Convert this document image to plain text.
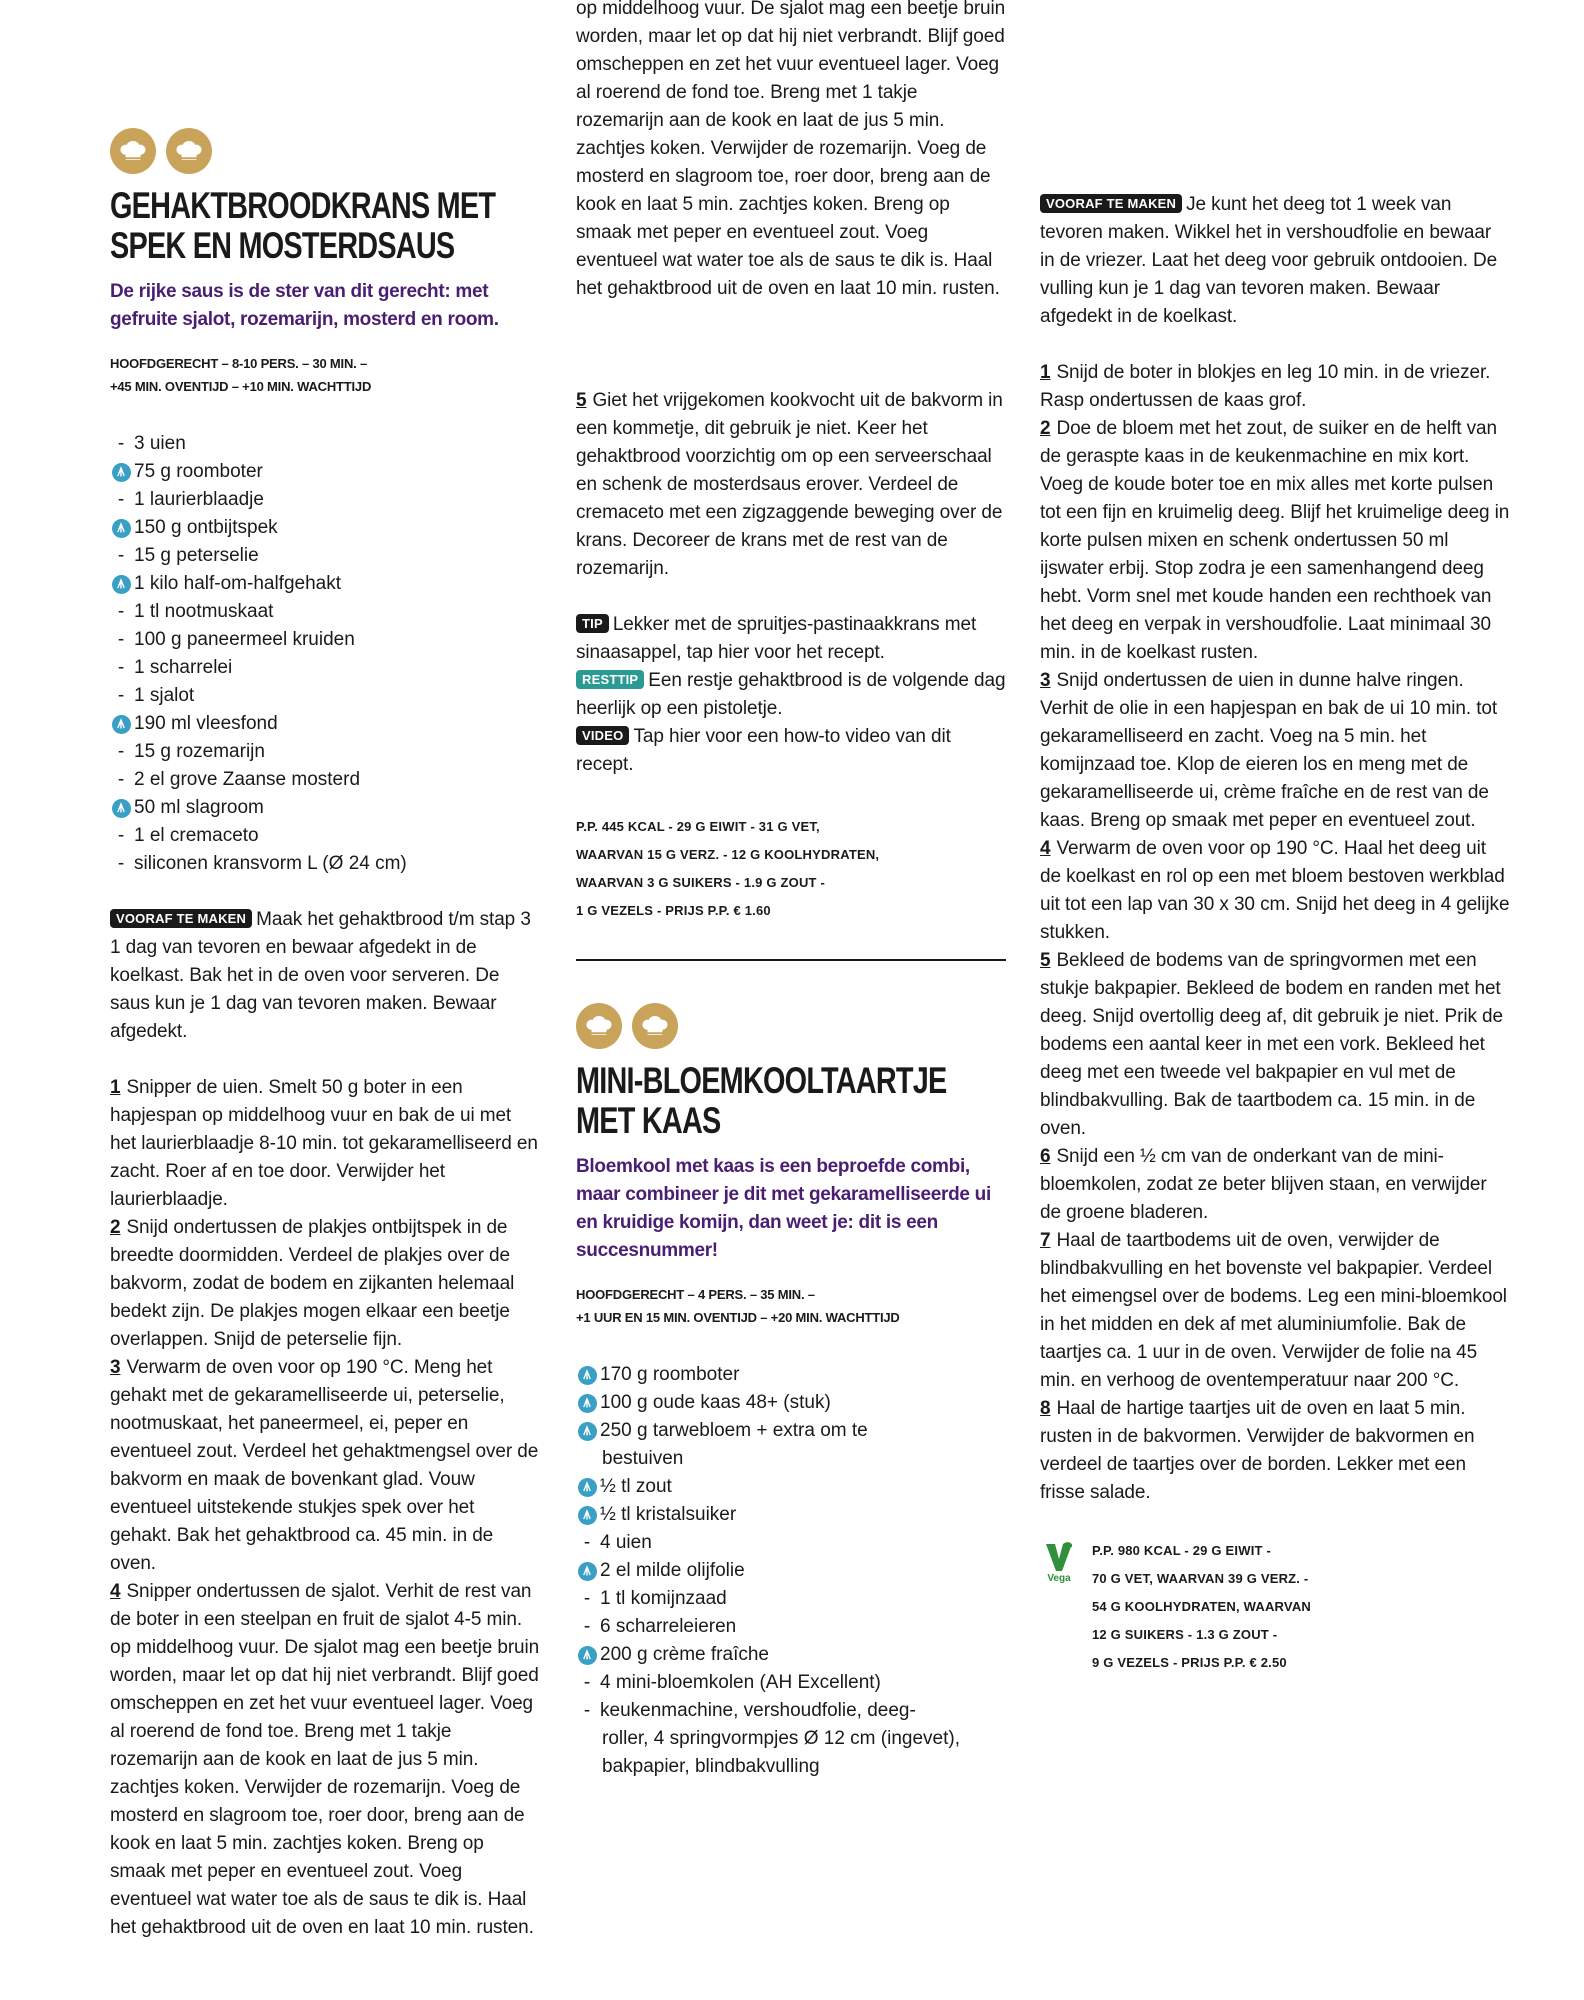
GEHAKTBROODKRANS MET
SPEK EN MOSTERDSAUS
De rijke saus is de ster van dit gerecht: met gefruite sjalot, rozemarijn, mosterd en room.
HOOFDGERECHT – 8-10 PERS. – 30 MIN. –
+45 MIN. OVENTIJD – +10 MIN. WACHTTIJD
- 3 uien
75 g roomboter
- 1 laurierblaadje
150 g ontbijtspek
- 15 g peterselie
1 kilo half-om-halfgehakt
- 1 tl nootmuskaat
- 100 g paneermeel kruiden
- 1 scharrelei
- 1 sjalot
190 ml vleesfond
- 15 g rozemarijn
- 2 el grove Zaanse mosterd
50 ml slagroom
- 1 el cremaceto
- siliconen kransvorm L (Ø 24 cm)
VOORAF TE MAKEN Maak het gehaktbrood t/m stap 3 1 dag van tevoren en bewaar afgedekt in de koelkast. Bak het in de oven voor serveren. De saus kun je 1 dag van tevoren maken. Bewaar afgedekt.
1 Snipper de uien. Smelt 50 g boter in een hapjespan op middelhoog vuur en bak de ui met het laurierblaadje 8-10 min. tot gekaramelliseerd en zacht. Roer af en toe door. Verwijder het laurierblaadje.
2 Snijd ondertussen de plakjes ontbijtspek in de breedte doormidden. Verdeel de plakjes over de bakvorm, zodat de bodem en zijkanten helemaal bedekt zijn. De plakjes mogen elkaar een beetje overlappen. Snijd de peterselie fijn.
3 Verwarm de oven voor op 190 °C. Meng het gehakt met de gekaramelliseerde ui, peterselie, nootmuskaat, het paneermeel, ei, peper en eventueel zout. Verdeel het gehaktmengsel over de bakvorm en maak de bovenkant glad. Vouw eventueel uitstekende stukjes spek over het gehakt. Bak het gehaktbrood ca. 45 min. in de oven.
4 Snipper ondertussen de sjalot. Verhit de rest van de boter in een steelpan en fruit de sjalot 4-5 min. op middelhoog vuur. De sjalot mag een beetje bruin worden, maar let op dat hij niet verbrandt. Blijf goed omscheppen en zet het vuur eventueel lager. Voeg al roerend de fond toe. Breng met 1 takje rozemarijn aan de kook en laat de jus 5 min. zachtjes koken. Verwijder de rozemarijn. Voeg de mosterd en slagroom toe, roer door, breng aan de kook en laat 5 min. zachtjes koken. Breng op smaak met peper en eventueel zout. Voeg eventueel wat water toe als de saus te dik is. Haal het gehaktbrood uit de oven en laat 10 min. rusten.
op middelhoog vuur. De sjalot mag een beetje bruin worden, maar let op dat hij niet verbrandt. Blijf goed omscheppen en zet het vuur eventueel lager. Voeg al roerend de fond toe. Breng met 1 takje rozemarijn aan de kook en laat de jus 5 min. zachtjes koken. Verwijder de rozemarijn. Voeg de mosterd en slagroom toe, roer door, breng aan de kook en laat 5 min. zachtjes koken. Breng op smaak met peper en eventueel zout. Voeg eventueel wat water toe als de saus te dik is. Haal het gehaktbrood uit de oven en laat 10 min. rusten.
5 Giet het vrijgekomen kookvocht uit de bakvorm in een kommetje, dit gebruik je niet. Keer het gehaktbrood voorzichtig om op een serveerschaal en schenk de mosterdsaus erover. Verdeel de cremaceto met een zigzaggende beweging over de krans. Decoreer de krans met de rest van de rozemarijn.
TIP Lekker met de spruitjes-pastinaakkrans met sinaasappel, tap hier voor het recept.
RESTTIP Een restje gehaktbrood is de volgende dag heerlijk op een pistoletje.
VIDEO Tap hier voor een how-to video van dit recept.
P.P. 445 KCAL - 29 G EIWIT - 31 G VET,
WAARVAN 15 G VERZ. - 12 G KOOLHYDRATEN,
WAARVAN 3 G SUIKERS - 1.9 G ZOUT -
1 G VEZELS - PRIJS P.P. € 1.60
MINI-BLOEMKOOLTAARTJE
MET KAAS
Bloemkool met kaas is een beproefde combi, maar combineer je dit met gekaramelliseerde ui en kruidige komijn, dan weet je: dit is een succesnummer!
HOOFDGERECHT – 4 PERS. – 35 MIN. –
+1 UUR EN 15 MIN. OVENTIJD – +20 MIN. WACHTTIJD
170 g roomboter
100 g oude kaas 48+ (stuk)
250 g tarwebloem + extra om te
bestuiven
½ tl zout
½ tl kristalsuiker
- 4 uien
2 el milde olijfolie
- 1 tl komijnzaad
- 6 scharreleieren
200 g crème fraîche
- 4 mini-bloemkolen (AH Excellent)
- keukenmachine, vershoudfolie, deeg-
roller, 4 springvormpjes Ø 12 cm (ingevet),
bakpapier, blindbakvulling
VOORAF TE MAKEN Je kunt het deeg tot 1 week van tevoren maken. Wikkel het in vershoudfolie en bewaar in de vriezer. Laat het deeg voor gebruik ontdooien. De vulling kun je 1 dag van tevoren maken. Bewaar afgedekt in de koelkast.
1 Snijd de boter in blokjes en leg 10 min. in de vriezer. Rasp ondertussen de kaas grof.
2 Doe de bloem met het zout, de suiker en de helft van de geraspte kaas in de keukenmachine en mix kort. Voeg de koude boter toe en mix alles met korte pulsen tot een fijn en kruimelig deeg. Blijf het kruimelige deeg in korte pulsen mixen en schenk ondertussen 50 ml ijswater erbij. Stop zodra je een samenhangend deeg hebt. Vorm snel met koude handen een rechthoek van het deeg en verpak in vershoudfolie. Laat minimaal 30 min. in de koelkast rusten.
3 Snijd ondertussen de uien in dunne halve ringen. Verhit de olie in een hapjespan en bak de ui 10 min. tot gekaramelliseerd en zacht. Voeg na 5 min. het komijnzaad toe. Klop de eieren los en meng met de gekaramelliseerde ui, crème fraîche en de rest van de kaas. Breng op smaak met peper en eventueel zout.
4 Verwarm de oven voor op 190 °C. Haal het deeg uit de koelkast en rol op een met bloem bestoven werkblad uit tot een lap van 30 x 30 cm. Snijd het deeg in 4 gelijke stukken.
5 Bekleed de bodems van de springvormen met een stukje bakpapier. Bekleed de bodem en randen met het deeg. Snijd overtollig deeg af, dit gebruik je niet. Prik de bodems een aantal keer in met een vork. Bekleed het deeg met een tweede vel bakpapier en vul met de blindbakvulling. Bak de taartbodem ca. 15 min. in de oven.
6 Snijd een ½ cm van de onderkant van de mini-bloemkolen, zodat ze beter blijven staan, en verwijder de groene bladeren.
7 Haal de taartbodems uit de oven, verwijder de blindbakvulling en het bovenste vel bakpapier. Verdeel het eimengsel over de bodems. Leg een mini-bloemkool in het midden en dek af met aluminiumfolie. Bak de taartjes ca. 1 uur in de oven. Verwijder de folie na 45 min. en verhoog de oventemperatuur naar 200 °C.
8 Haal de hartige taartjes uit de oven en laat 5 min. rusten in de bakvormen. Verwijder de bakvormen en verdeel de taartjes over de borden. Lekker met een frisse salade.
Vega
P.P. 980 KCAL - 29 G EIWIT -
70 G VET, WAARVAN 39 G VERZ. -
54 G KOOLHYDRATEN, WAARVAN
12 G SUIKERS - 1.3 G ZOUT -
9 G VEZELS - PRIJS P.P. € 2.50
